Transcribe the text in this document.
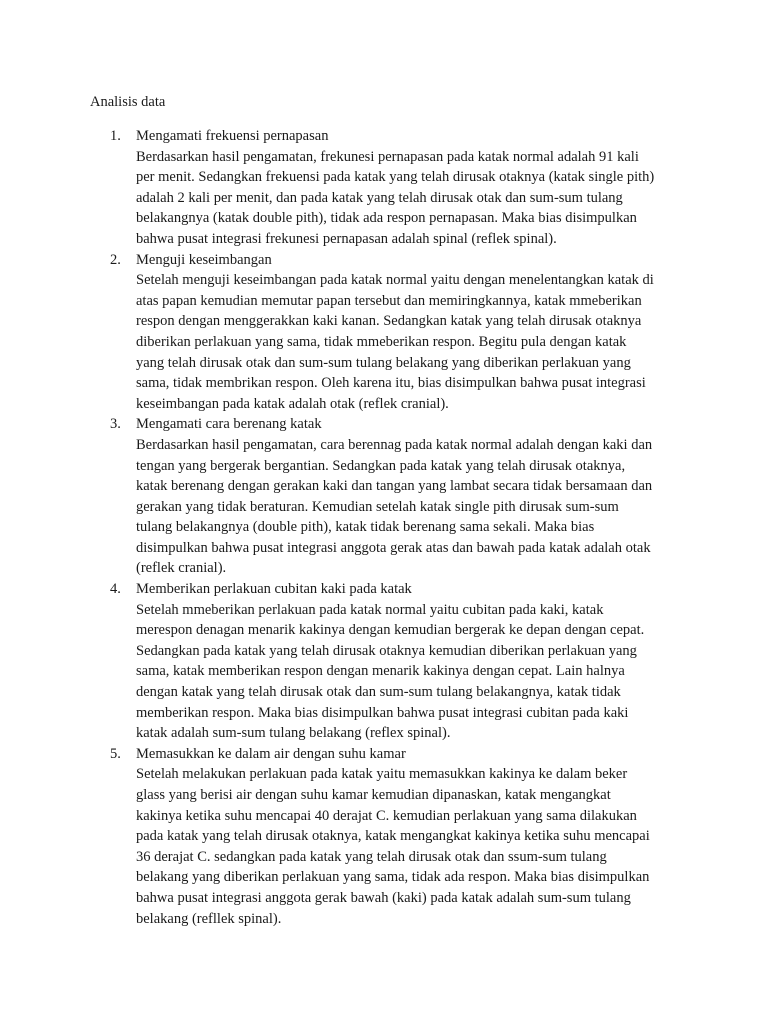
Analisis data

1. Mengamati frekuensi pernapasan
Berdasarkan hasil pengamatan, frekunesi pernapasan pada katak normal adalah 91 kali
per menit. Sedangkan frekuensi pada katak yang telah dirusak otaknya (katak single pith)
adalah 2 kali per menit, dan pada katak yang telah dirusak otak dan sum-sum tulang
belakangnya (katak double pith), tidak ada respon pernapasan. Maka bias disimpulkan
bahwa pusat integrasi frekunesi pernapasan adalah spinal (reflek spinal).
2. Menguji keseimbangan
Setelah menguji keseimbangan pada katak normal yaitu dengan menelentangkan katak di
atas papan kemudian memutar papan tersebut dan memiringkannya, katak mmeberikan
respon dengan menggerakkan kaki kanan. Sedangkan katak yang telah dirusak otaknya
diberikan perlakuan yang sama, tidak mmeberikan respon. Begitu pula dengan katak
yang telah dirusak otak dan sum-sum tulang belakang yang diberikan perlakuan yang
sama, tidak membrikan respon. Oleh karena itu, bias disimpulkan bahwa pusat integrasi
keseimbangan pada katak adalah otak (reflek cranial).
3. Mengamati cara berenang katak
Berdasarkan hasil pengamatan, cara berennag pada katak normal adalah dengan kaki dan
tengan yang bergerak bergantian. Sedangkan pada katak yang telah dirusak otaknya,
katak berenang dengan gerakan kaki dan tangan yang lambat secara tidak bersamaan dan
gerakan yang tidak beraturan. Kemudian setelah katak single pith dirusak sum-sum
tulang belakangnya (double pith), katak tidak berenang sama sekali. Maka bias
disimpulkan bahwa pusat integrasi anggota gerak atas dan bawah pada katak adalah otak
(reflek cranial).
4. Memberikan perlakuan cubitan kaki pada katak
Setelah mmeberikan perlakuan pada katak normal yaitu cubitan pada kaki, katak
merespon denagan menarik kakinya dengan kemudian bergerak ke depan dengan cepat.
Sedangkan pada katak yang telah dirusak otaknya kemudian diberikan perlakuan yang
sama, katak memberikan respon dengan menarik kakinya dengan cepat. Lain halnya
dengan katak yang telah dirusak otak dan sum-sum tulang belakangnya, katak tidak
memberikan respon. Maka bias disimpulkan bahwa pusat integrasi cubitan pada kaki
katak adalah sum-sum tulang belakang (reflex spinal).
5. Memasukkan ke dalam air dengan suhu kamar
Setelah melakukan perlakuan pada katak yaitu memasukkan kakinya ke dalam beker
glass yang berisi air dengan suhu kamar kemudian dipanaskan, katak mengangkat
kakinya ketika suhu mencapai 40 derajat C. kemudian perlakuan yang sama dilakukan
pada katak yang telah dirusak otaknya, katak mengangkat kakinya ketika suhu mencapai
36 derajat C. sedangkan pada katak yang telah dirusak otak dan ssum-sum tulang
belakang yang diberikan perlakuan yang sama, tidak ada respon. Maka bias disimpulkan
bahwa pusat integrasi anggota gerak bawah (kaki) pada katak adalah sum-sum tulang
belakang (refllek spinal).
